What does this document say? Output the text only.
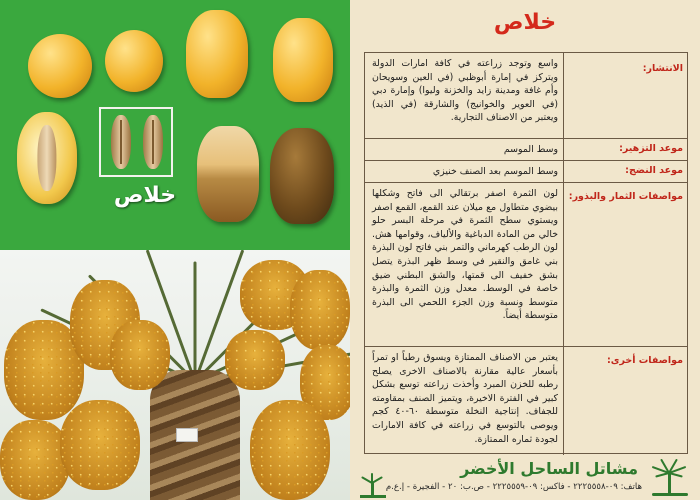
خلاص
خلاص
الانتشار:
واسع وتوجد زراعته في كافة امارات الدولة ويتركز في إمارة أبوظبي (في العين وسويحان وأم غافة ومدينة زايد والخزنة وليوا) وإمارة دبي (في العوير والخوانيج) والشارقة (في الذيد) ويعتبر من الاصناف التجارية.
موعد التزهير:
وسط الموسم
موعد النضج:
وسط الموسم بعد الصنف خنيزي
مواصفات الثمار والبذور:
لون الثمرة اصفر برتقالي الى فاتح وشكلها بيضوي متطاول مع ميلان عند القمع، القمع اصفر ويستوي سطح الثمرة في مرحلة البسر حلو خالي من المادة الدباغية والألياف، وقوامها هش. لون الرطب كهرماني والتمر بني فاتح لون البذرة بني غامق والنقير في وسط ظهر البذرة يتصل بشق خفيف الى قمتها، والشق البطني ضيق خاصة في الوسط. معدل وزن الثمرة والبذرة متوسط ونسبة وزن الجزء اللحمي الى البذرة متوسطة أيضاً.
مواصفات أخرى:
يعتبر من الاصناف الممتازة ويسوق رطباً او تمراً بأسعار عالية مقارنة بالاصناف الاخرى يصلح رطبه للخزن المبرد وأخذت زراعته توسع بشكل كبير في الفترة الاخيرة، ويتميز الصنف بمقاومته للجفاف. إنتاجية النخلة متوسطة ٦٠-٤٠ كجم ويوصى بالتوسع في زراعته في كافة الامارات لجودة ثماره الممتازة.
مشاتل الساحل الأخضر
هاتف: ٠٩-٢٢٢٥٥٥٨ - فاكس: ٠٩-٢٢٢٥٥٥٩ - ص.ب: ٢٠ - الفجيرة - إ.ع.م
